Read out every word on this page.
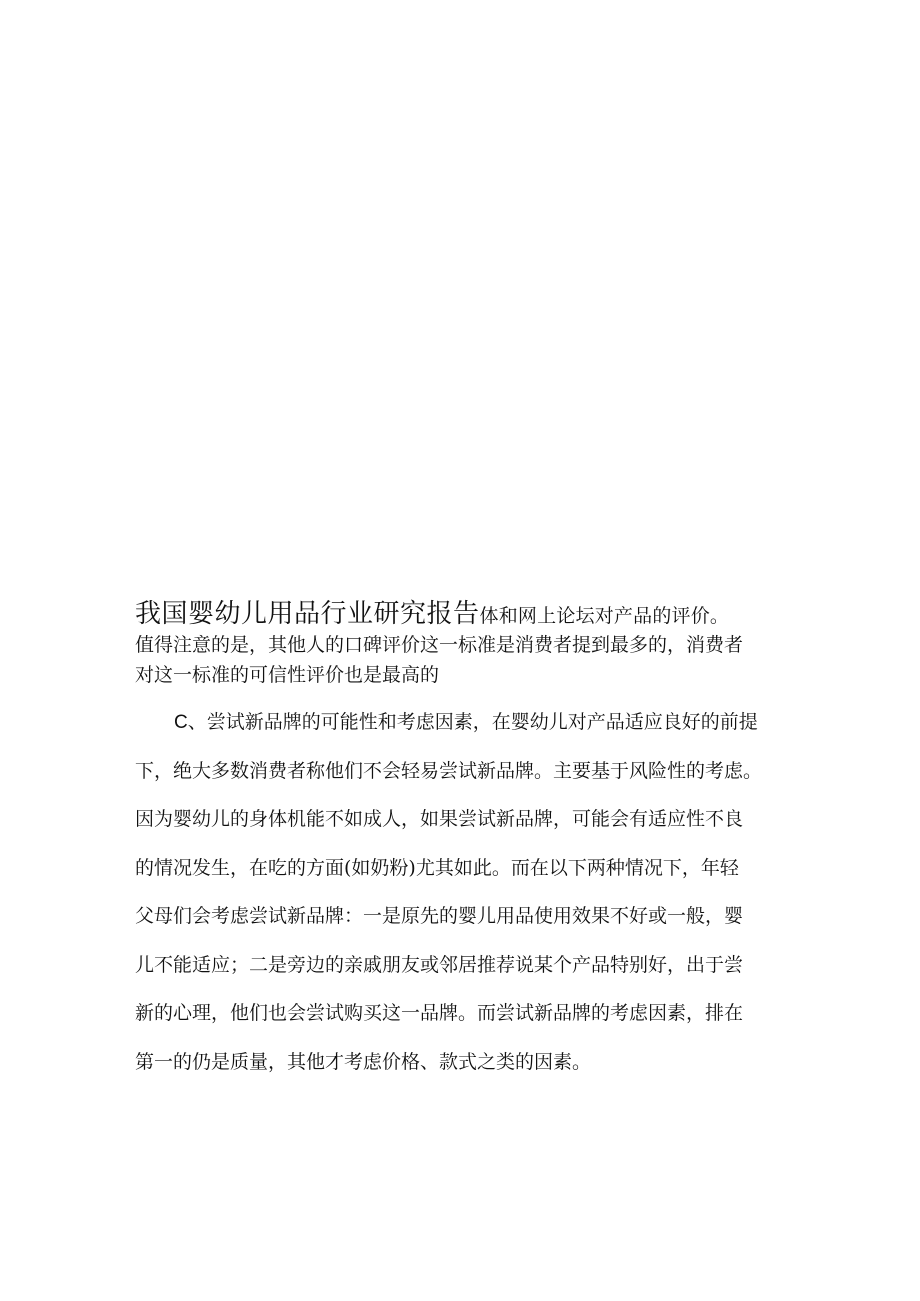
我国婴幼儿用品行业研究报告体和网上论坛对产品的评价。
值得注意的是，其他人的口碑评价这一标准是消费者提到最多的，消费者
对这一标准的可信性评价也是最高的
C、尝试新品牌的可能性和考虑因素，在婴幼儿对产品适应良好的前提
下，绝大多数消费者称他们不会轻易尝试新品牌。主要基于风险性的考虑。
因为婴幼儿的身体机能不如成人，如果尝试新品牌，可能会有适应性不良
的情况发生，在吃的方面(如奶粉)尤其如此。而在以下两种情况下，年轻
父母们会考虑尝试新品牌：一是原先的婴儿用品使用效果不好或一般，婴
儿不能适应；二是旁边的亲戚朋友或邻居推荐说某个产品特别好，出于尝
新的心理，他们也会尝试购买这一品牌。而尝试新品牌的考虑因素，排在
第一的仍是质量，其他才考虑价格、款式之类的因素。
